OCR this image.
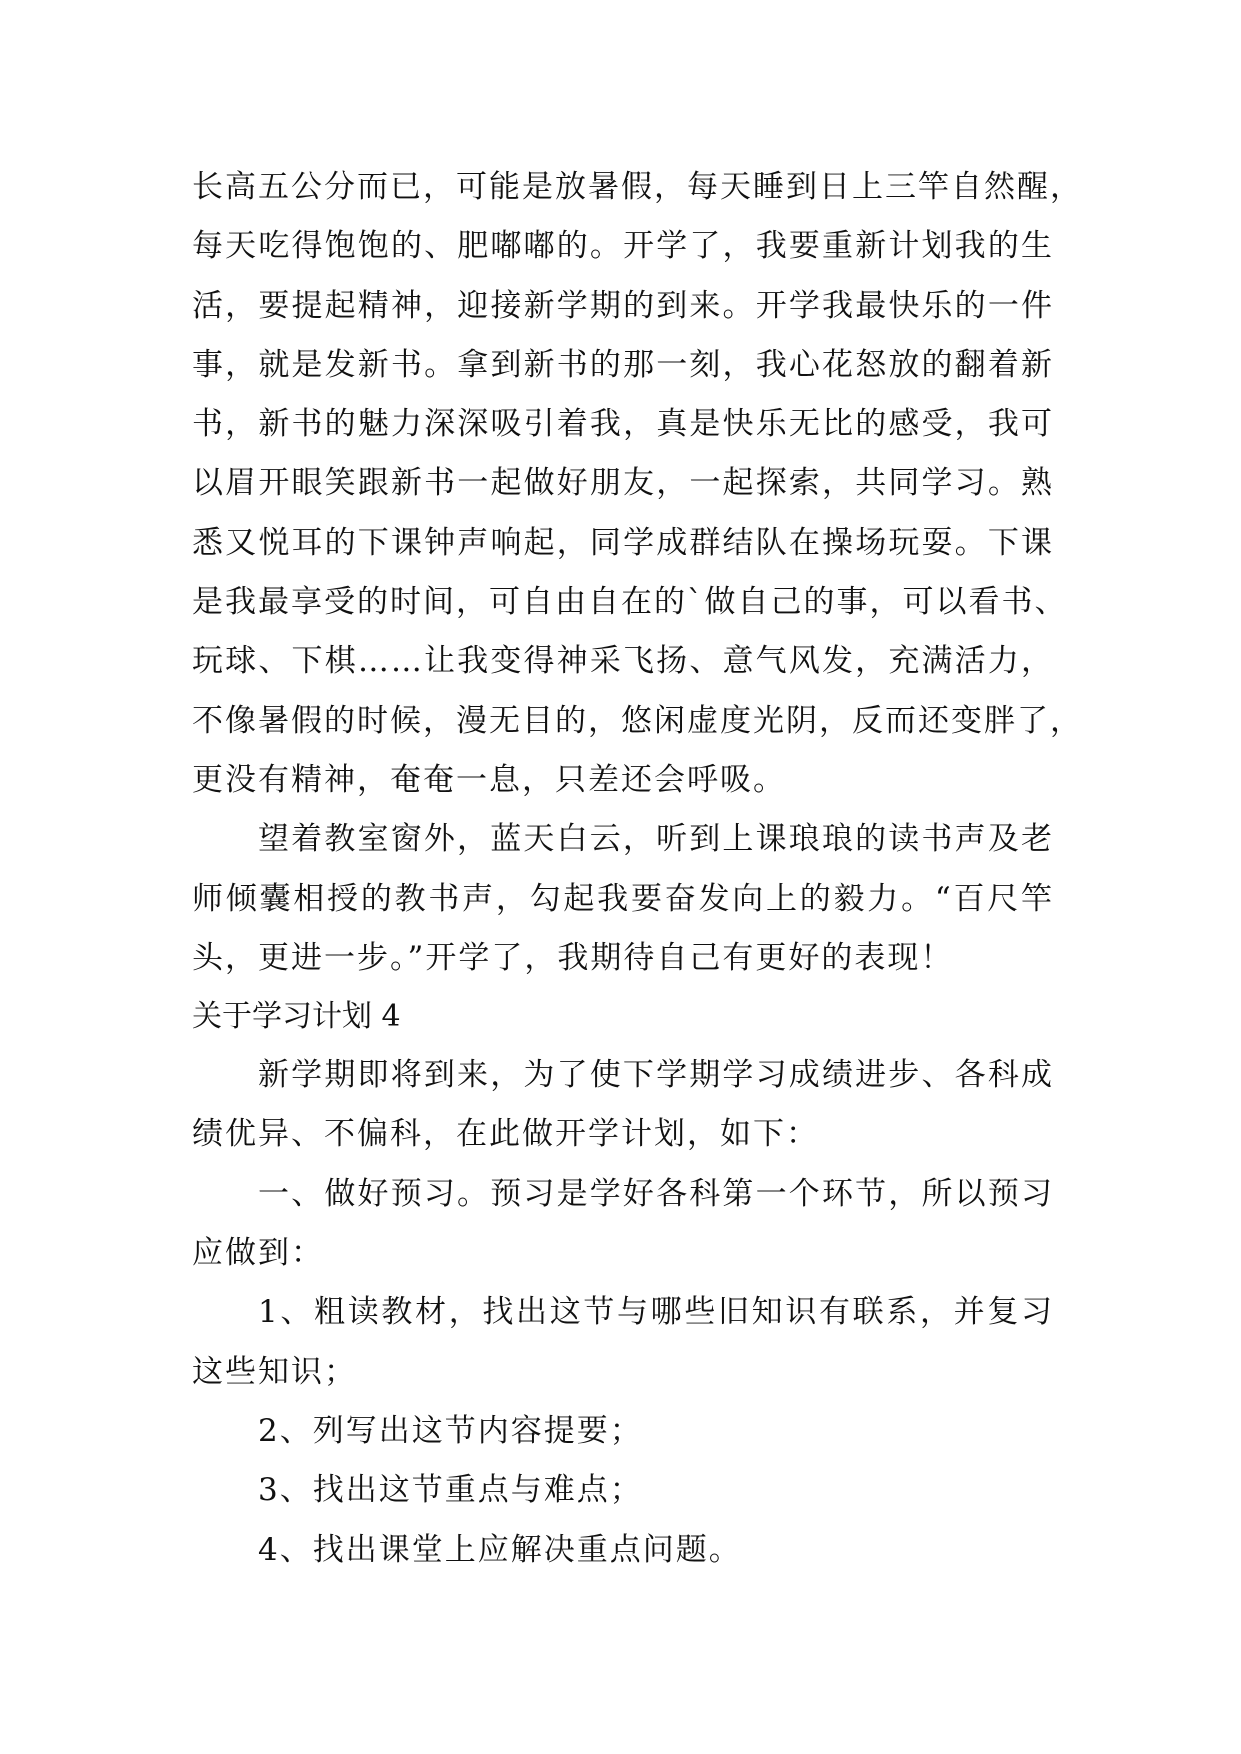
长高五公分而已，可能是放暑假，每天睡到日上三竿自然醒，
每天吃得饱饱的、肥嘟嘟的。开学了，我要重新计划我的生
活，要提起精神，迎接新学期的到来。开学我最快乐的一件
事，就是发新书。拿到新书的那一刻，我心花怒放的翻着新
书，新书的魅力深深吸引着我，真是快乐无比的感受，我可
以眉开眼笑跟新书一起做好朋友，一起探索，共同学习。熟
悉又悦耳的下课钟声响起，同学成群结队在操场玩耍。下课
是我最享受的时间，可自由自在的`做自己的事，可以看书、
玩球、下棋……让我变得神采飞扬、意气风发，充满活力，
不像暑假的时候，漫无目的，悠闲虚度光阴，反而还变胖了，
更没有精神，奄奄一息，只差还会呼吸。
望着教室窗外，蓝天白云，听到上课琅琅的读书声及老
师倾囊相授的教书声，勾起我要奋发向上的毅力。“百尺竿
头，更进一步。”开学了，我期待自己有更好的表现！
关于学习计划 4
新学期即将到来，为了使下学期学习成绩进步、各科成
绩优异、不偏科，在此做开学计划，如下：
一、做好预习。预习是学好各科第一个环节，所以预习
应做到：
1、粗读教材，找出这节与哪些旧知识有联系，并复习
这些知识；
2、列写出这节内容提要；
3、找出这节重点与难点；
4、找出课堂上应解决重点问题。
